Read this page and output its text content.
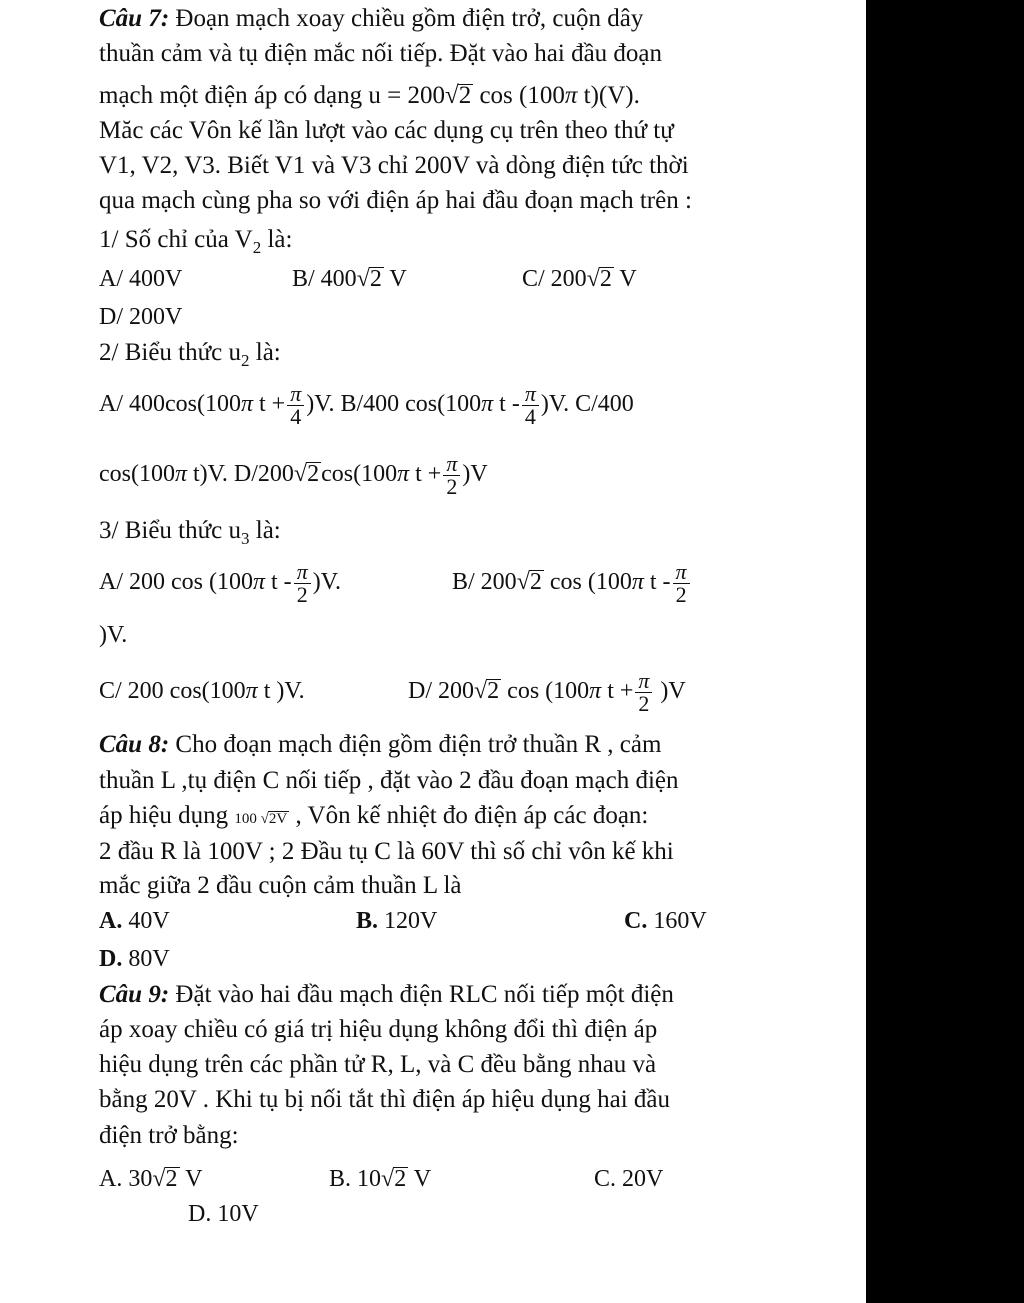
Câu 7: Đoạn mạch xoay chiều gồm điện trở, cuộn dây
thuần cảm và tụ điện mắc nối tiếp. Đặt vào hai đầu đoạn
mạch một điện áp có dạng u = 200√2 cos (100π t)(V).
Măc các Vôn kế lần lượt vào các dụng cụ trên theo thứ tự
V1, V2, V3. Biết V1 và V3 chỉ 200V và dòng điện tức thời
qua mạch cùng pha so với điện áp hai đầu đoạn mạch trên :
1/ Số chỉ của $V_2$ là:
A/ 400V	B/ 400√2 V	C/ 200√2 V
D/ 200V
2/ Biểu thức $u_2$ là:
A/ 400cos(100π $t + \frac{\pi}{4} )V$. B/400 cos(100π t - $\frac{\pi}{4} )V$. C/400
cos(100π t)V. D/200√2cos(100π $t + \frac{\pi}{2} )V$
3/ Biểu thức $u_3$ là:
A/ 200 cos (100π t - $\frac{\pi}{2} )V$.	B/ 200√2 cos (100π t - $\frac{\pi}{2}$
)V.
C/ 200 cos(100π t )V.	D/ 200√2 cos (100π $t + \frac{\pi}{2} )V$
Câu 8: Cho đoạn mạch điện gồm điện trở thuần R , cảm
thuần L ,tụ điện C nối tiếp , đặt vào 2 đầu đoạn mạch điện
áp hiệu dụng 100 √2V , Vôn kế nhiệt đo điện áp các đoạn:
2 đầu R là 100V ; 2 Đầu tụ C là 60V thì số chỉ vôn kế khi
mắc giữa 2 đầu cuộn cảm thuần L là
A. 40V	B. 120V	C. 160V
D. 80V
Câu 9: Đặt vào hai đầu mạch điện RLC nối tiếp một điện
áp xoay chiều có giá trị hiệu dụng không đổi thì điện áp
hiệu dụng trên các phần tử R, L, và C đều bằng nhau và
bằng 20V . Khi tụ bị nối tắt thì điện áp hiệu dụng hai đầu
điện trở bằng:
A. 30√2 V	B. 10√2 V	C. 20V
D. 10V
